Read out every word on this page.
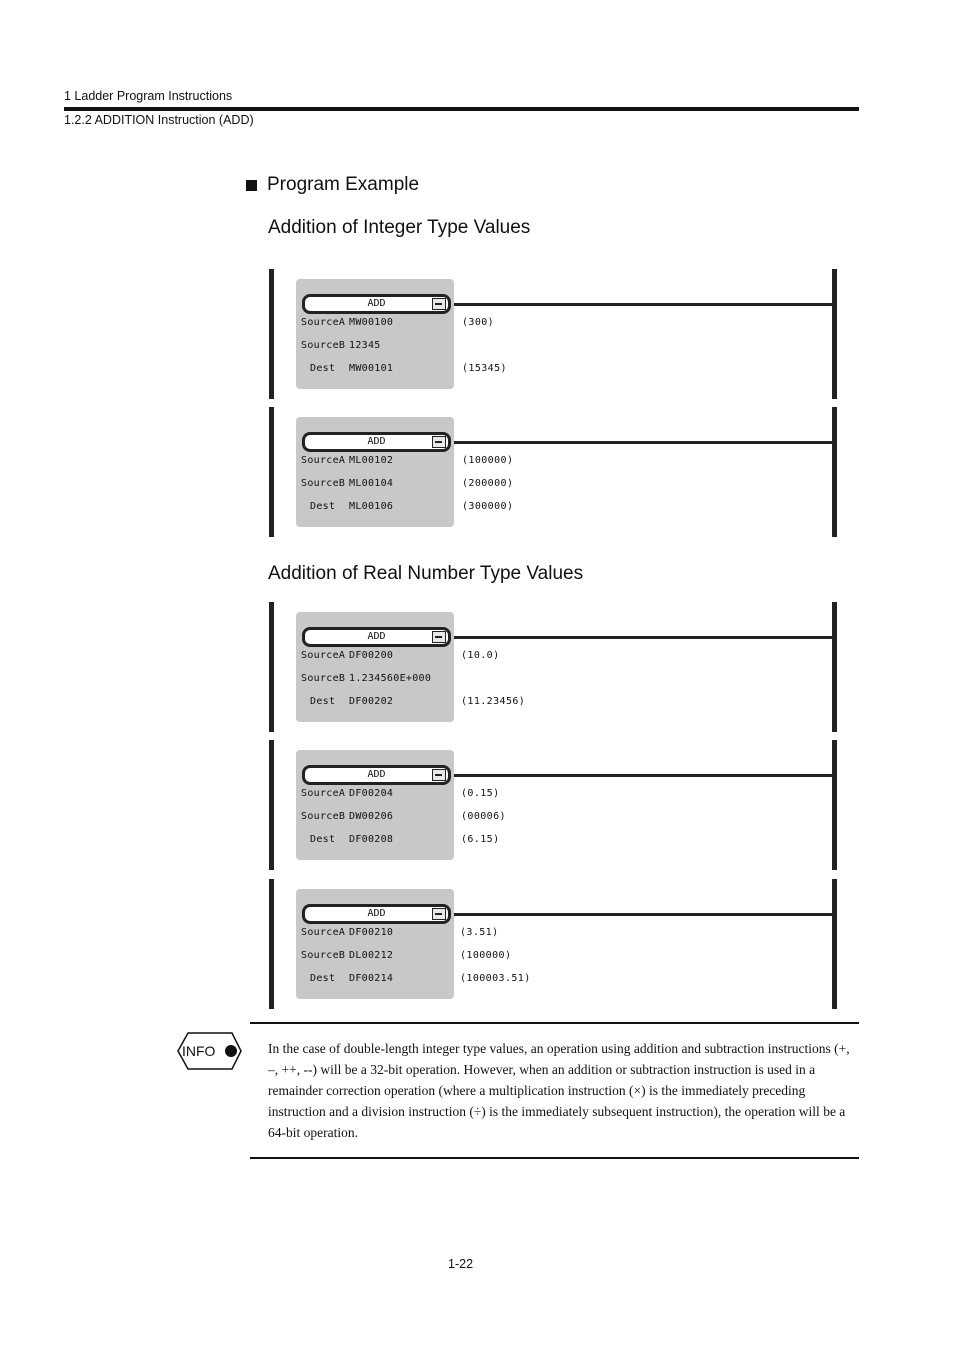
1 Ladder Program Instructions
1.2.2 ADDITION Instruction (ADD)
Program Example
Addition of Integer Type Values
ADD
SourceA MW00100
SourceB 12345
Dest MW00101
(300)
(15345)
ADD
SourceA ML00102
SourceB ML00104
Dest ML00106
(100000)
(200000)
(300000)
Addition of Real Number Type Values
ADD
SourceA DF00200
SourceB 1.234560E+000
Dest DF00202
(10.0)
(11.23456)
ADD
SourceA DF00204
SourceB DW00206
Dest DF00208
(0.15)
(00006)
(6.15)
ADD
SourceA DF00210
SourceB DL00212
Dest DF00214
(3.51)
(100000)
(100003.51)
INFO	In the case of double-length integer type values, an operation using addition and subtraction instructions (+, –, ++, --) will be a 32-bit operation. However, when an addition or subtraction instruction is used in a remainder correction operation (where a multiplication instruction (×) is the immediately preceding instruction and a division instruction (÷) is the immediately subsequent instruction), the operation will be a 64-bit operation.
1-22
